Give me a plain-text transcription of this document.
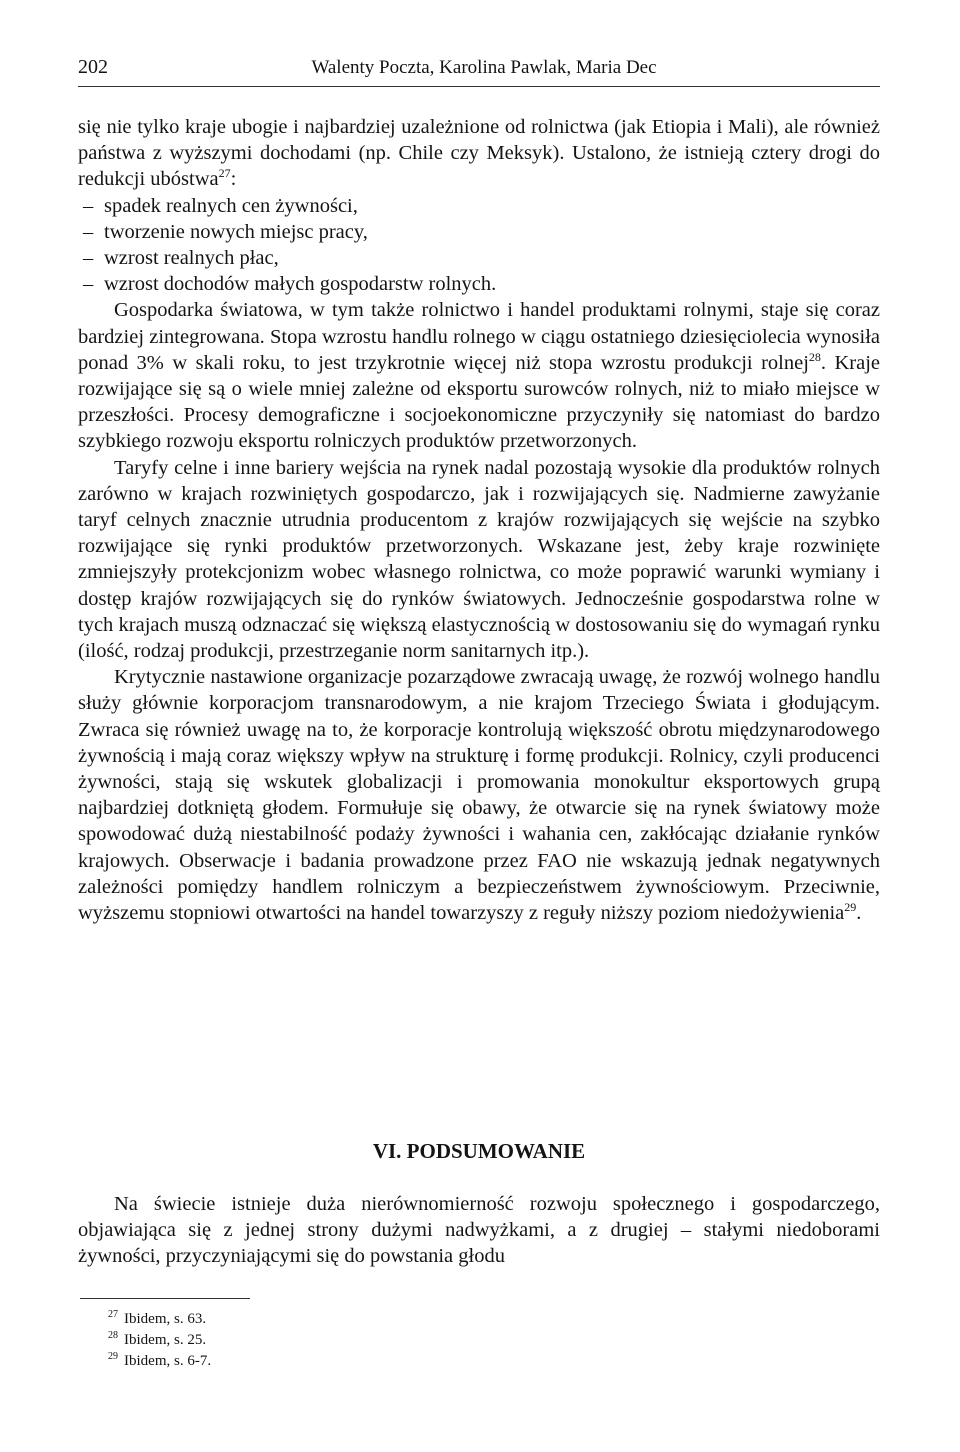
202	Walenty Poczta, Karolina Pawlak, Maria Dec

się nie tylko kraje ubogie i najbardziej uzależnione od rolnictwa (jak Etiopia i Mali), ale również państwa z wyższymi dochodami (np. Chile czy Meksyk). Ustalono, że istnieją cztery drogi do redukcji ubóstwa$^{27}$:

– spadek realnych cen żywności,
– tworzenie nowych miejsc pracy,
– wzrost realnych płac,
– wzrost dochodów małych gospodarstw rolnych.

Gospodarka światowa, w tym także rolnictwo i handel produktami rolnymi, staje się coraz bardziej zintegrowana. Stopa wzrostu handlu rolnego w ciągu ostatniego dziesięciolecia wynosiła ponad 3% w skali roku, to jest trzykrotnie więcej niż stopa wzrostu produkcji rolnej$^{28}$. Kraje rozwijające się są o wiele mniej zależne od eksportu surowców rolnych, niż to miało miejsce w przeszłości. Procesy demograficzne i socjoekonomiczne przyczyniły się natomiast do bardzo szybkiego rozwoju eksportu rolniczych produktów przetworzonych.

Taryfy celne i inne bariery wejścia na rynek nadal pozostają wysokie dla produktów rolnych zarówno w krajach rozwiniętych gospodarczo, jak i rozwijających się. Nadmierne zawyżanie taryf celnych znacznie utrudnia producentom z krajów rozwijających się wejście na szybko rozwijające się rynki produktów przetworzonych. Wskazane jest, żeby kraje rozwinięte zmniejszyły protekcjonizm wobec własnego rolnictwa, co może poprawić warunki wymiany i dostęp krajów rozwijających się do rynków światowych. Jednocześnie gospodarstwa rolne w tych krajach muszą odznaczać się większą elastycznością w dostosowaniu się do wymagań rynku (ilość, rodzaj produkcji, przestrzeganie norm sanitarnych itp.).

Krytycznie nastawione organizacje pozarządowe zwracają uwagę, że rozwój wolnego handlu służy głównie korporacjom transnarodowym, a nie krajom Trzeciego Świata i głodującym. Zwraca się również uwagę na to, że korporacje kontrolują większość obrotu międzynarodowego żywnością i mają coraz większy wpływ na strukturę i formę produkcji. Rolnicy, czyli producenci żywności, stają się wskutek globalizacji i promowania monokultur eksportowych grupą najbardziej dotkniętą głodem. Formułuje się obawy, że otwarcie się na rynek światowy może spowodować dużą niestabilność podaży żywności i wahania cen, zakłócając działanie rynków krajowych. Obserwacje i badania prowadzone przez FAO nie wskazują jednak negatywnych zależności pomiędzy handlem rolniczym a bezpieczeństwem żywnościowym. Przeciwnie, wyższemu stopniowi otwartości na handel towarzyszy z reguły niższy poziom niedożywienia$^{29}$.

VI. PODSUMOWANIE

Na świecie istnieje duża nierównomierność rozwoju społecznego i gospodarczego, objawiająca się z jednej strony dużymi nadwyżkami, a z drugiej – stałymi niedoborami żywności, przyczyniającymi się do powstania głodu

$^{27}$ Ibidem, s. 63.
$^{28}$ Ibidem, s. 25.
$^{29}$ Ibidem, s. 6-7.
